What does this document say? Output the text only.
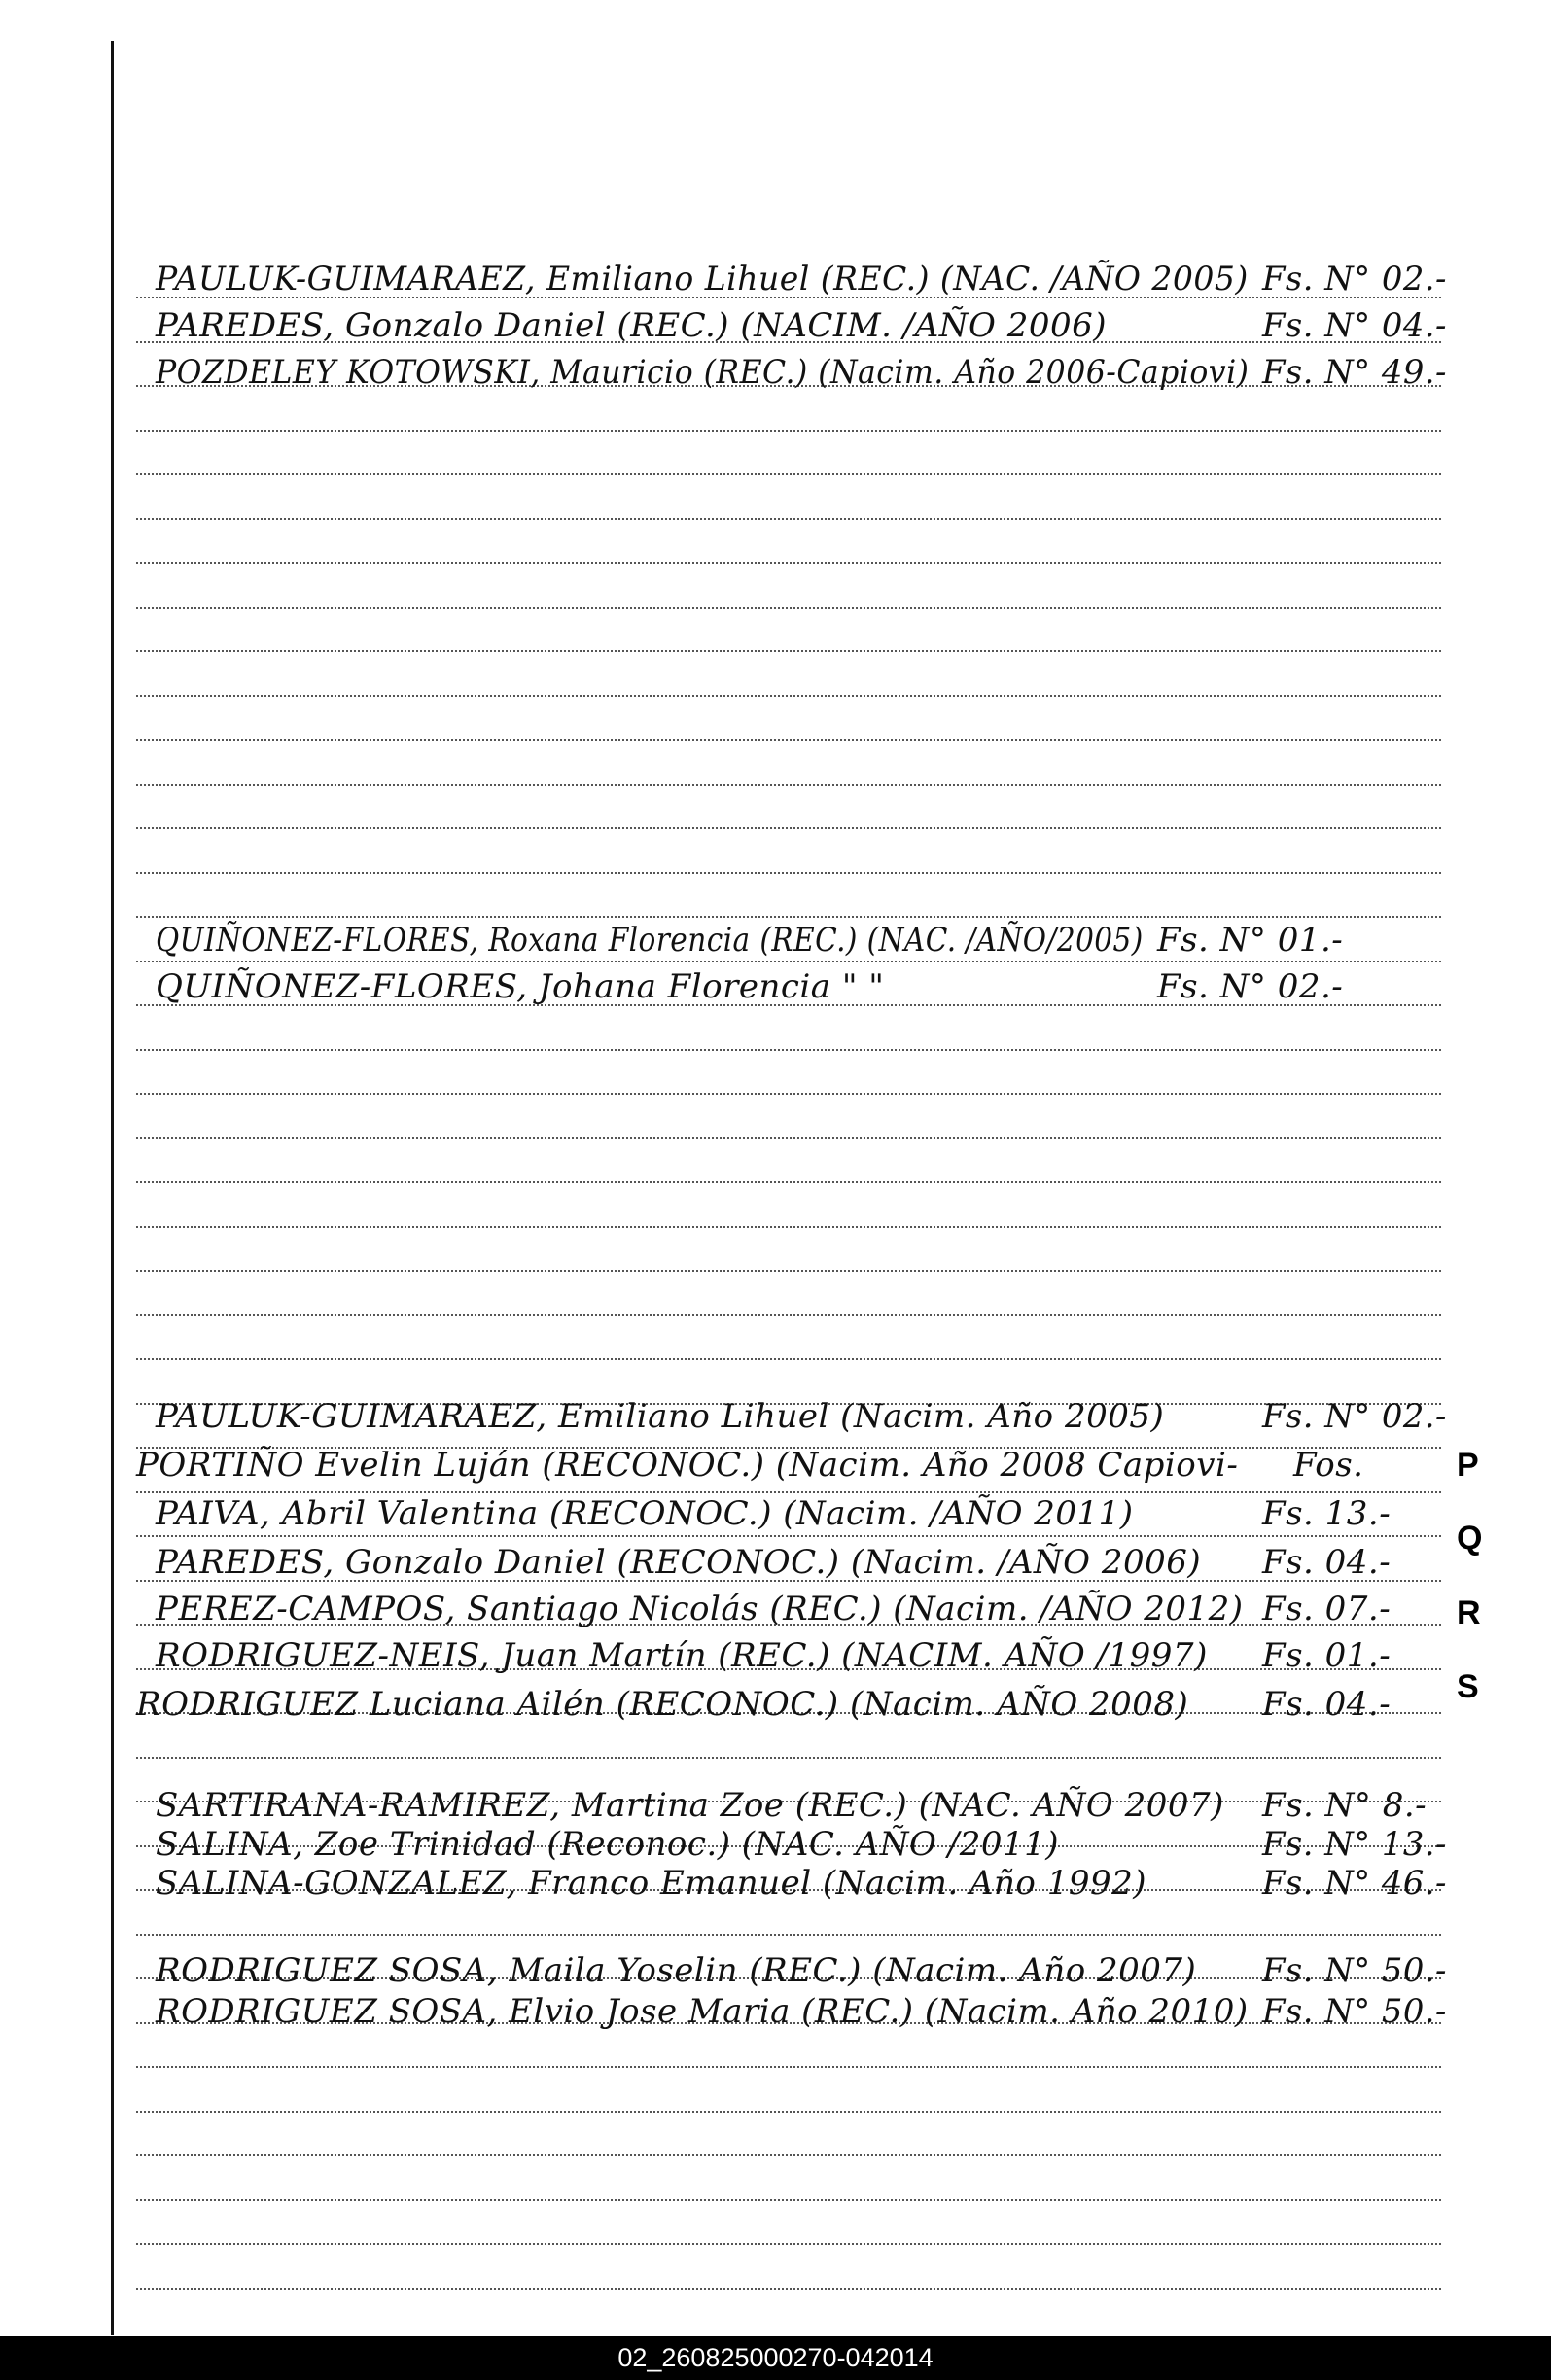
PAULUK-GUIMARAEZ, Emiliano Lihuel (REC.) (NAC. /AÑO 2005) Fs. N° 02.-
PAREDES, Gonzalo Daniel (REC.) (NACIM. /AÑO 2006)	Fs. N° 04.-
POZDELEY KOTOWSKI, Mauricio (REC.) (Nacim. Año 2006-Capiovi) Fs. N° 49.-
QUIÑONEZ-FLORES, Roxana Florencia (REC.) (NAC. /AÑO/2005) Fs. N° 01.-
QUIÑONEZ-FLORES, Johana Florencia " "	Fs. N° 02.-
PAULUK-GUIMARAEZ, Emiliano Lihuel (Nacim. Año 2005)	Fs. N° 02.-
PORTIÑO Evelin Luján (RECONOC.) (Nacim. Año 2008 Capiovi- Fos.
PAIVA, Abril Valentina (RECONOC.) (Nacim. /AÑO 2011)	Fs. 13.-
PAREDES, Gonzalo Daniel (RECONOC.) (Nacim. /AÑO 2006) Fs. 04.-
PEREZ-CAMPOS, Santiago Nicolás (REC.) (Nacim. /AÑO 2012) Fs. 07.-
RODRIGUEZ-NEIS, Juan Martín (REC.) (NACIM. AÑO /1997) Fs. 01.-
RODRIGUEZ Luciana Ailén (RECONOC.) (Nacim. AÑO 2008) Fs. 04.-
P
Q
R
S
SARTIRANA-RAMIREZ, Martina Zoe (REC.) (NAC. AÑO 2007) Fs. N° 8.-
SALINA, Zoe Trinidad (Reconoc.) (NAC. AÑO /2011)	Fs. N° 13.-
SALINA-GONZALEZ, Franco Emanuel (Nacim. Año 1992)	Fs. N° 46.-
RODRIGUEZ SOSA, Maila Yoselin (REC.) (Nacim. Año 2007) Fs. N° 50.-
RODRIGUEZ SOSA, Elvio Jose Maria (REC.) (Nacim. Año 2010) Fs. N° 50.-
02_260825000270-042014
